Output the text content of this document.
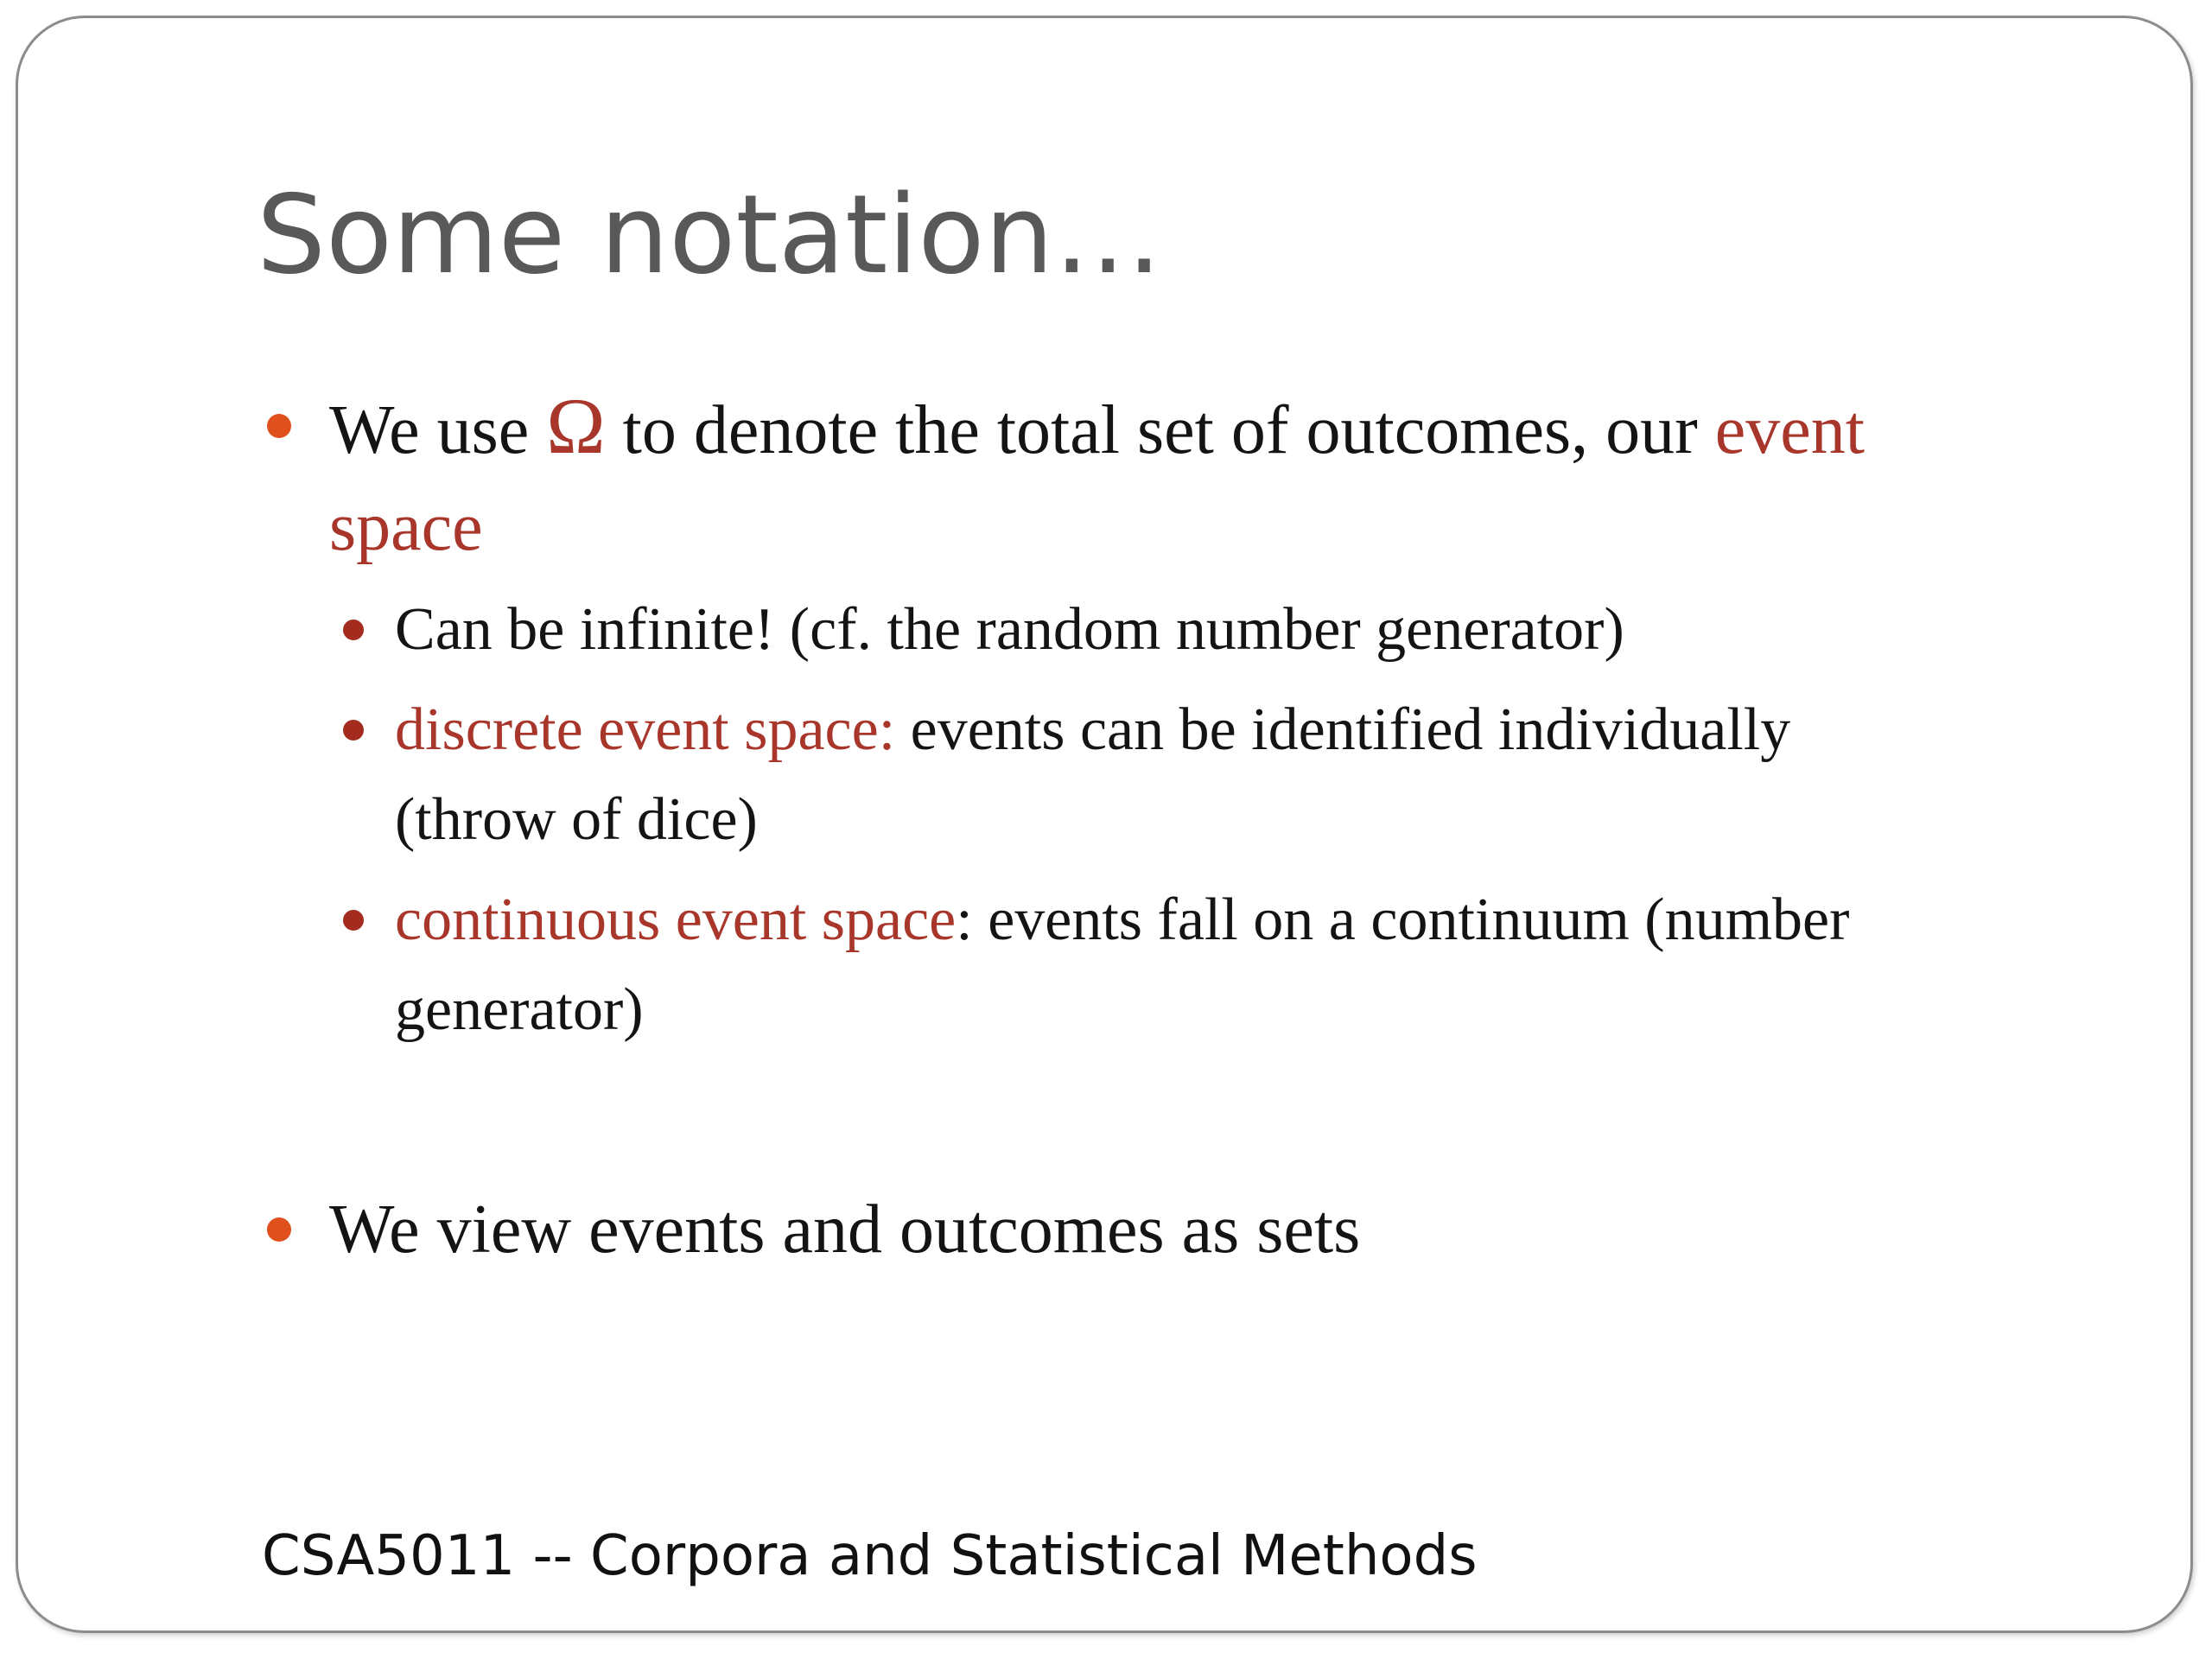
Some notation…

We use Ω to denote the total set of outcomes, our event space

Can be infinite! (cf. the random number generator)

discrete event space: events can be identified individually (throw of dice)

continuous event space: events fall on a continuum (number generator)

We view events and outcomes as sets

CSA5011 -- Corpora and Statistical Methods
